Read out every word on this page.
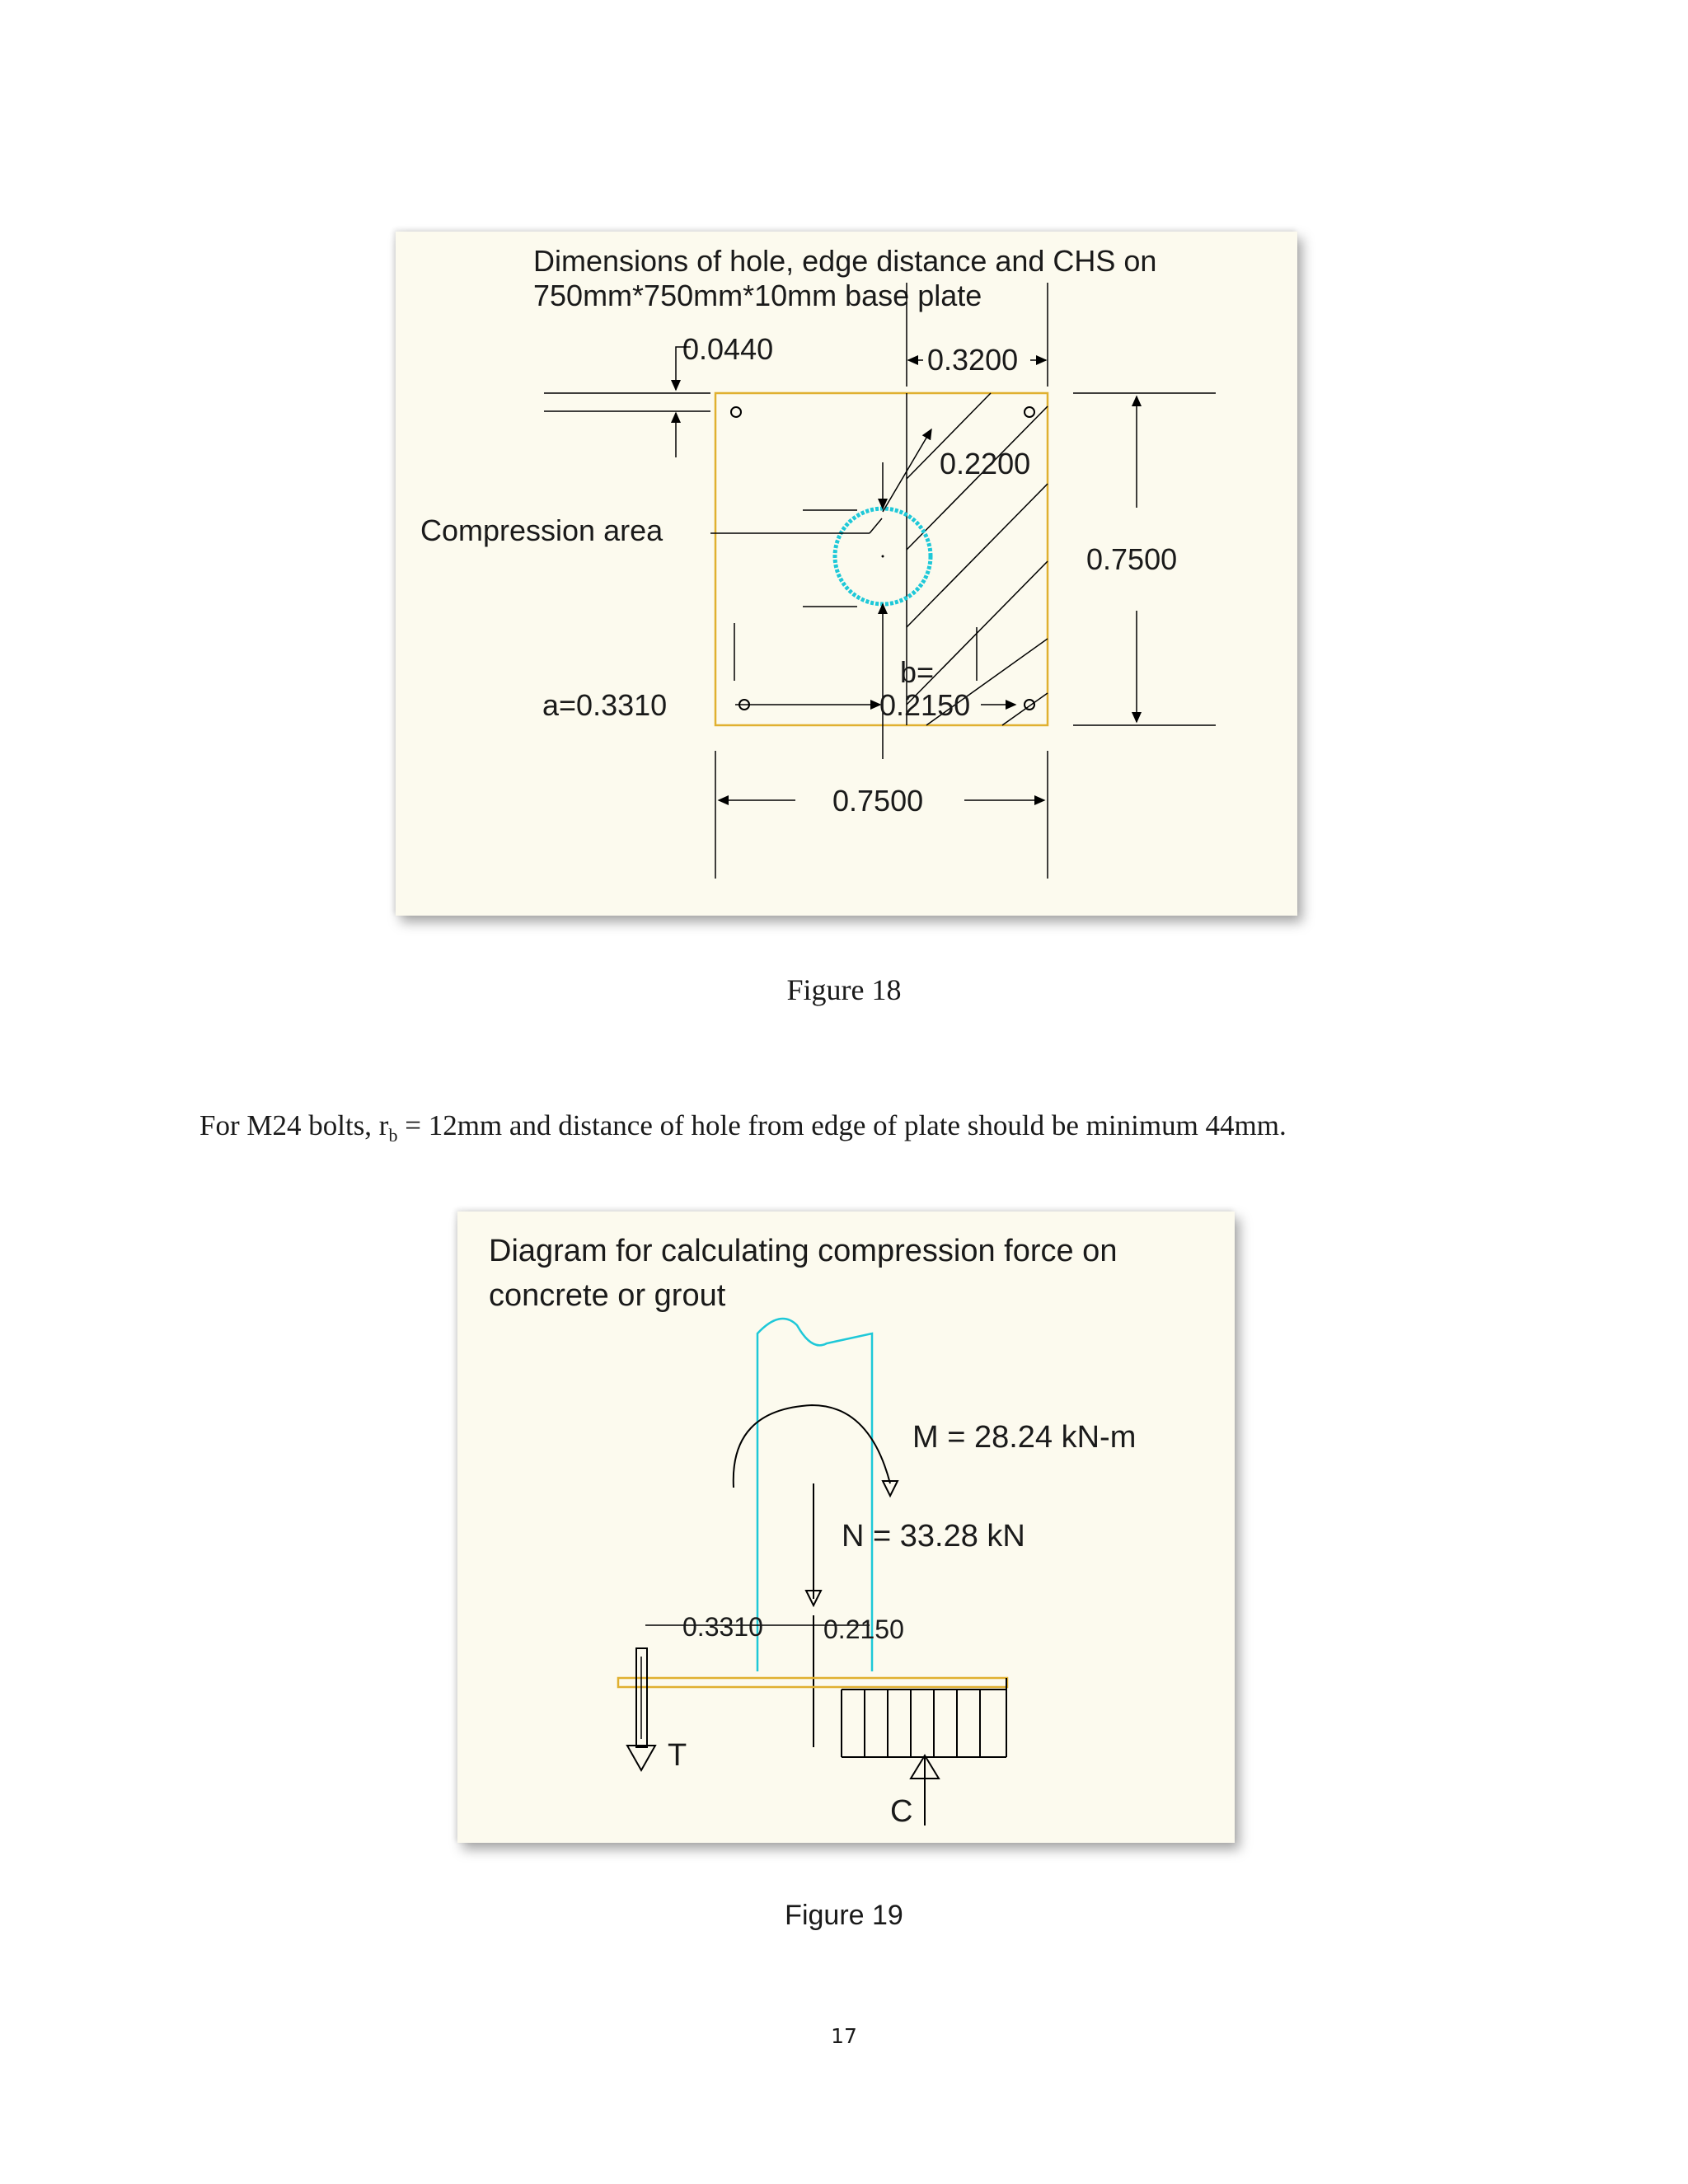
Dimensions of hole, edge distance and CHS on
750mm*750mm*10mm base plate
0.2200
Compression area
0.0440	0.3200
0.7500
a=0.3310
b=
0.2150
0.7500
Figure 18
For M24 bolts, $r_b = 12mm$ and distance of hole from edge of plate should be minimum 44mm.
Diagram for calculating compression force on
concrete or grout
M = 28.24 kN-m
N = 33.28 kN
0.3310 0.2150
T
C
Figure 19
17
